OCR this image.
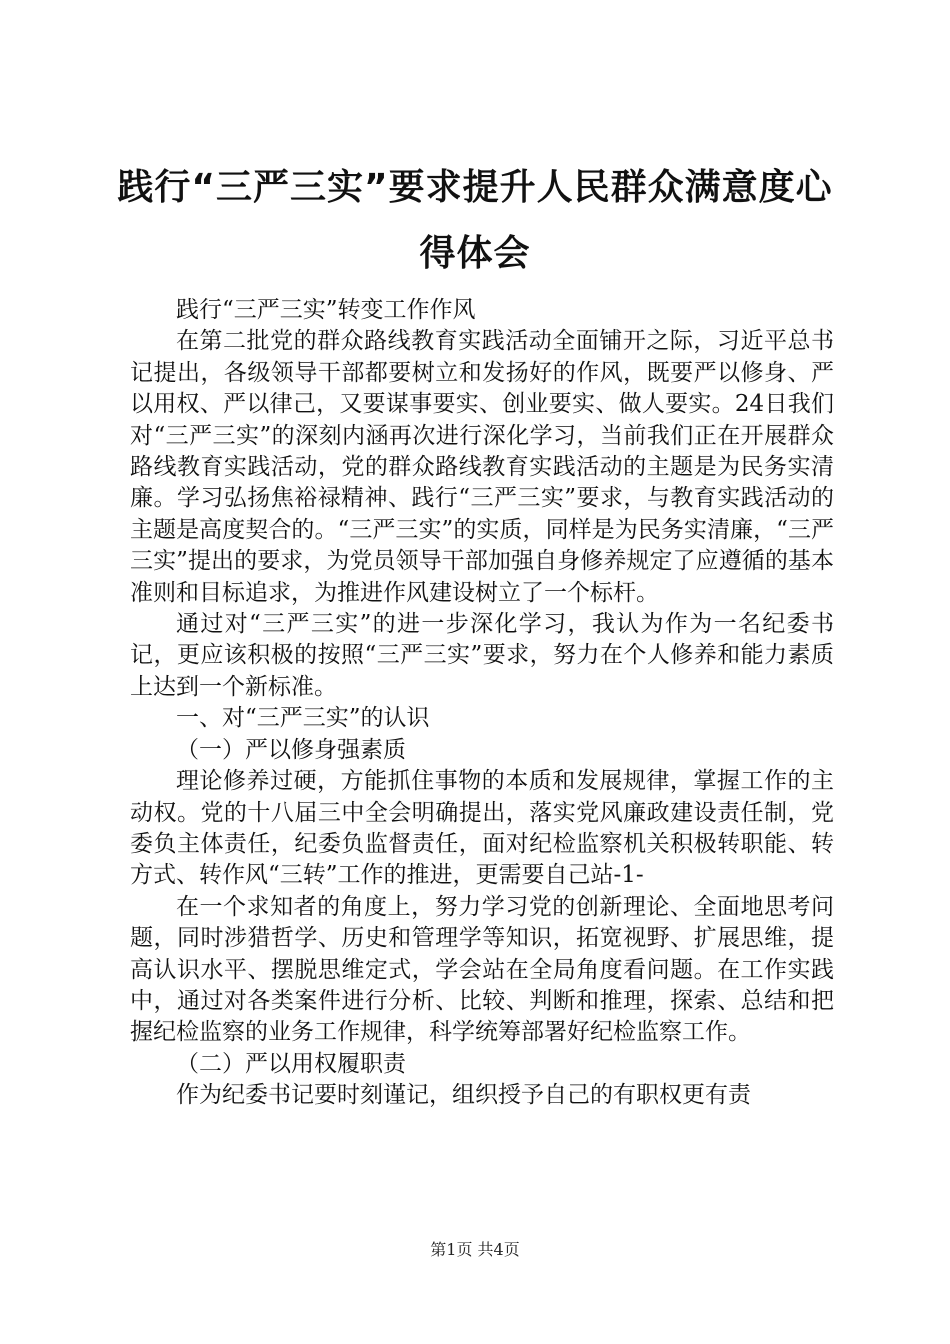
践行“三严三实”要求提升人民群众满意度心得体会

践行“三严三实”转变工作作风

在第二批党的群众路线教育实践活动全面铺开之际，习近平总书记提出，各级领导干部都要树立和发扬好的作风，既要严以修身、严以用权、严以律己，又要谋事要实、创业要实、做人要实。24日我们对“三严三实”的深刻内涵再次进行深化学习，当前我们正在开展群众路线教育实践活动，党的群众路线教育实践活动的主题是为民务实清廉。学习弘扬焦裕禄精神、践行“三严三实”要求，与教育实践活动的主题是高度契合的。“三严三实”的实质，同样是为民务实清廉，“三严三实”提出的要求，为党员领导干部加强自身修养规定了应遵循的基本准则和目标追求，为推进作风建设树立了一个标杆。

通过对“三严三实”的进一步深化学习，我认为作为一名纪委书记，更应该积极的按照“三严三实”要求，努力在个人修养和能力素质上达到一个新标准。

一、对“三严三实”的认识

（一）严以修身强素质

理论修养过硬，方能抓住事物的本质和发展规律，掌握工作的主动权。党的十八届三中全会明确提出，落实党风廉政建设责任制，党委负主体责任，纪委负监督责任，面对纪检监察机关积极转职能、转方式、转作风“三转”工作的推进，更需要自己站-1-

在一个求知者的角度上，努力学习党的创新理论、全面地思考问题，同时涉猎哲学、历史和管理学等知识，拓宽视野、扩展思维，提高认识水平、摆脱思维定式，学会站在全局角度看问题。在工作实践中，通过对各类案件进行分析、比较、判断和推理，探索、总结和把握纪检监察的业务工作规律，科学统筹部署好纪检监察工作。

（二）严以用权履职责

作为纪委书记要时刻谨记，组织授予自己的有职权更有责

第1页 共4页
